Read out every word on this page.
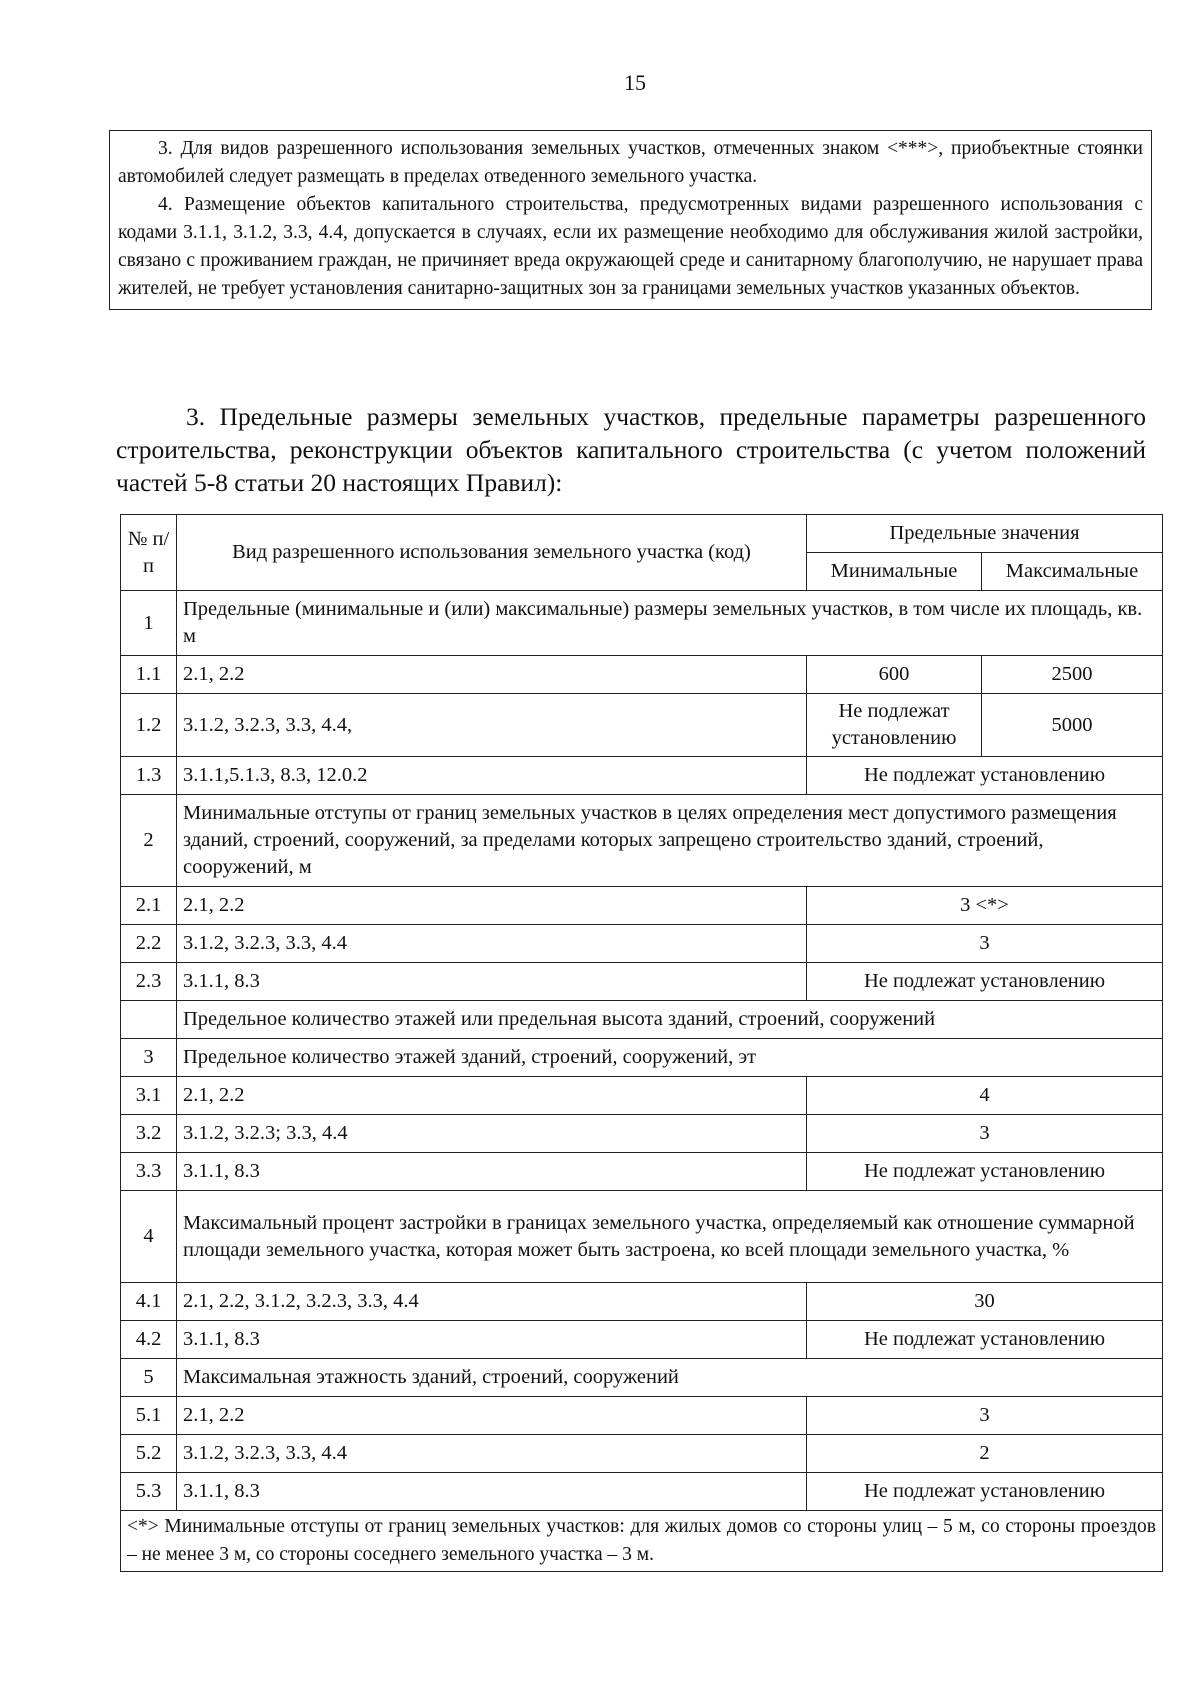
15

3. Для видов разрешенного использования земельных участков, отмеченных знаком <***>, приобъектные стоянки автомобилей следует размещать в пределах отведенного земельного участка.

4. Размещение объектов капитального строительства, предусмотренных видами разрешенного использования с кодами 3.1.1, 3.1.2, 3.3, 4.4, допускается в случаях, если их размещение необходимо для обслуживания жилой застройки, связано с проживанием граждан, не причиняет вреда окружающей среде и санитарному благополучию, не нарушает права жителей, не требует установления санитарно-защитных зон за границами земельных участков указанных объектов.

3. Предельные размеры земельных участков, предельные параметры разрешенного строительства, реконструкции объектов капитального строительства (с учетом положений частей 5-8 статьи 20 настоящих Правил):

№ п/п	Вид разрешенного использования земельного участка (код)	Предельные значения	
		Минимальные	Максимальные
1	Предельные (минимальные и (или) максимальные) размеры земельных участков, в том числе их площадь, кв. м		
1.1	2.1, 2.2	600	2500
1.2	3.1.2, 3.2.3, 3.3, 4.4,	Не подлежат установлению	5000
1.3	3.1.1,5.1.3, 8.3, 12.0.2	Не подлежат установлению	
2	Минимальные отступы от границ земельных участков в целях определения мест допустимого размещения зданий, строений, сооружений, за пределами которых запрещено строительство зданий, строений, сооружений, м		
2.1	2.1, 2.2	3 <*>	
2.2	3.1.2, 3.2.3, 3.3, 4.4	3	
2.3	3.1.1, 8.3	Не подлежат установлению	
	Предельное количество этажей или предельная высота зданий, строений, сооружений		
3	Предельное количество этажей зданий, строений, сооружений, эт		
3.1	2.1, 2.2	4	
3.2	3.1.2, 3.2.3; 3.3, 4.4	3	
3.3	3.1.1, 8.3	Не подлежат установлению	
4	Максимальный процент застройки в границах земельного участка, определяемый как отношение суммарной площади земельного участка, которая может быть застроена, ко всей площади земельного участка, %		
4.1	2.1, 2.2, 3.1.2, 3.2.3, 3.3, 4.4	30	
4.2	3.1.1, 8.3	Не подлежат установлению	
5	Максимальная этажность зданий, строений, сооружений		
5.1	2.1, 2.2	3	
5.2	3.1.2, 3.2.3, 3.3, 4.4	2	
5.3	3.1.1, 8.3	Не подлежат установлению	
<*> Минимальные отступы от границ земельных участков: для жилых домов со стороны улиц – 5 м, со стороны проездов – не менее 3 м, со стороны соседнего земельного участка – 3 м.			
